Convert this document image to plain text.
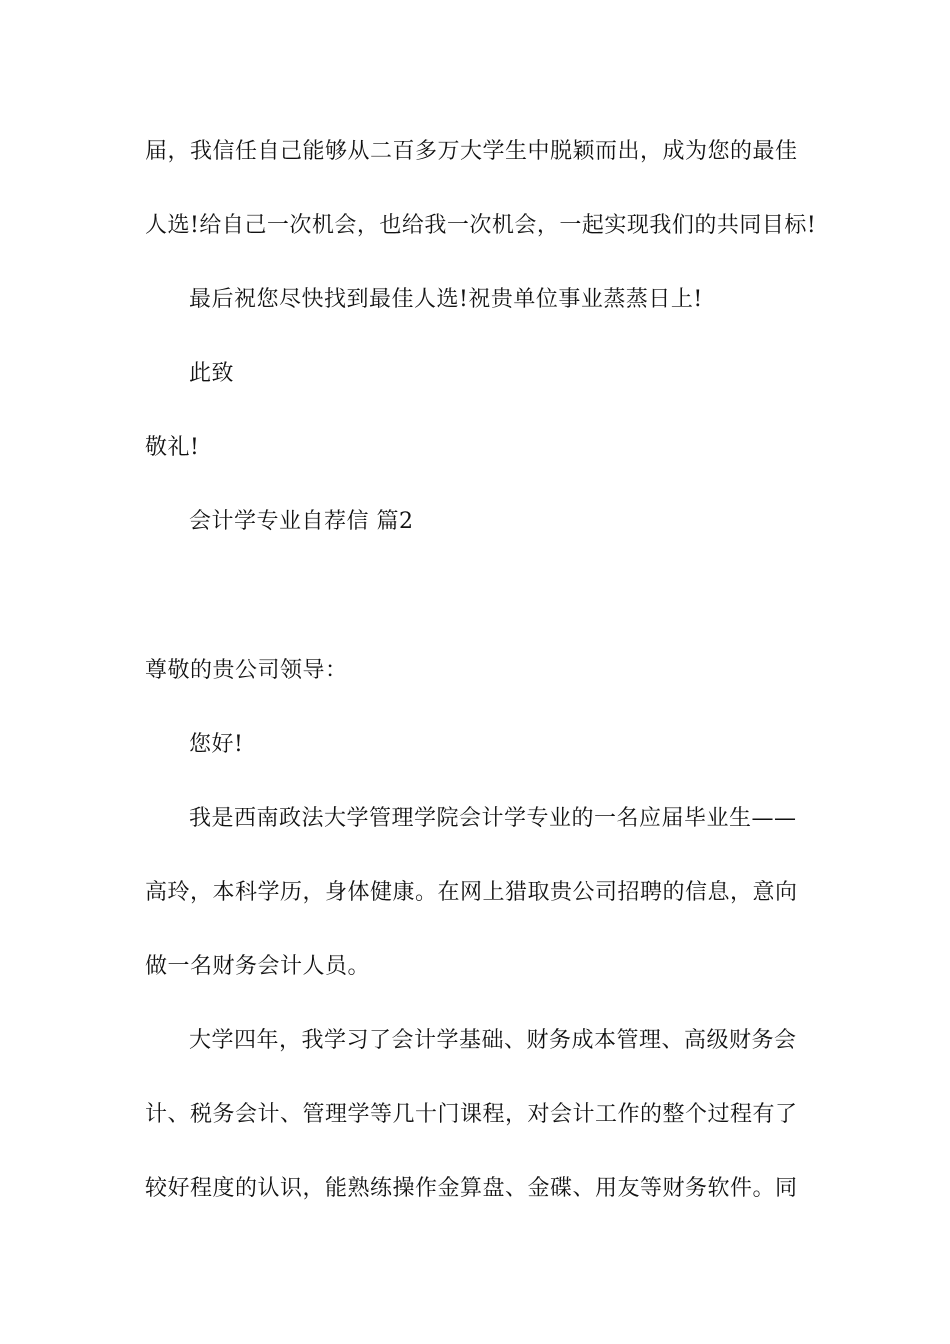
届，我信任自己能够从二百多万大学生中脱颖而出，成为您的最佳
人选!给自己一次机会，也给我一次机会，一起实现我们的共同目标!
最后祝您尽快找到最佳人选!祝贵单位事业蒸蒸日上!
此致
敬礼!
会计学专业自荐信 篇2
尊敬的贵公司领导：
您好!
我是西南政法大学管理学院会计学专业的一名应届毕业生——
高玲，本科学历，身体健康。在网上猎取贵公司招聘的信息，意向
做一名财务会计人员。
大学四年，我学习了会计学基础、财务成本管理、高级财务会
计、税务会计、管理学等几十门课程，对会计工作的整个过程有了
较好程度的认识，能熟练操作金算盘、金碟、用友等财务软件。同
